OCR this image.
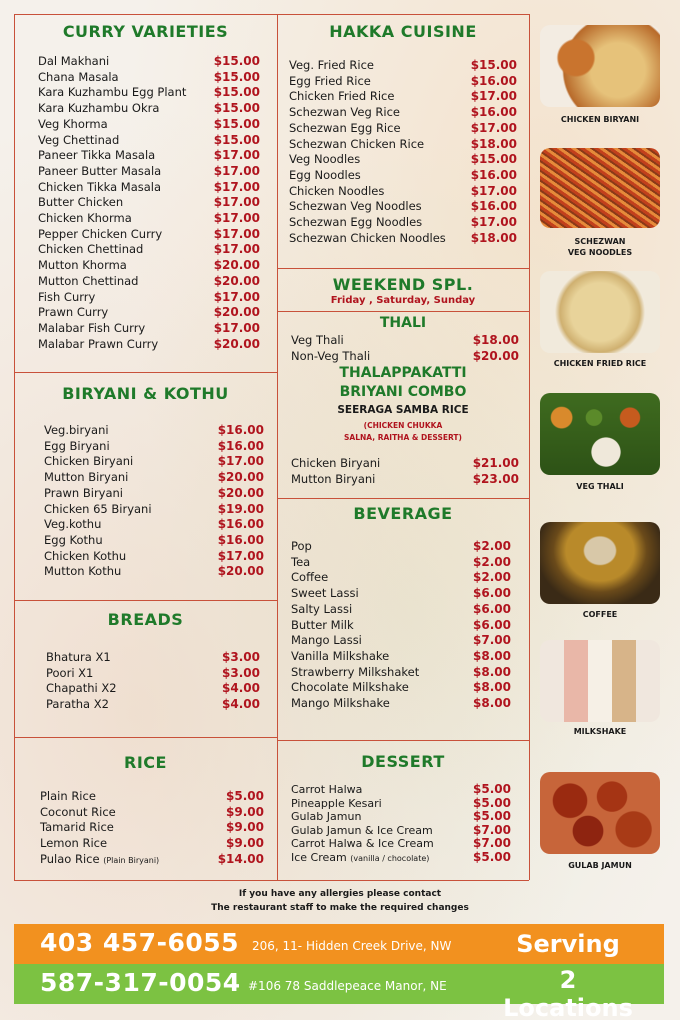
CURRY VARIETIES
Dal Makhani	$15.00
Chana Masala	$15.00
Kara Kuzhambu Egg Plant $15.00
Kara Kuzhambu Okra	$15.00
Veg Khorma	$15.00
Veg Chettinad	$15.00
Paneer Tikka Masala	$17.00
Paneer Butter Masala	$17.00
Chicken Tikka Masala	$17.00
Butter Chicken	$17.00
Chicken Khorma	$17.00
Pepper Chicken Curry	$17.00
Chicken Chettinad	$17.00
Mutton Khorma	$20.00
Mutton Chettinad	$20.00
Fish Curry	$17.00
Prawn Curry	$20.00
Malabar Fish Curry	$17.00
Malabar Prawn Curry	$20.00
BIRYANI & KOTHU
Veg.biryani	$16.00
Egg Biryani	$16.00
Chicken Biryani	$17.00
Mutton Biryani	$20.00
Prawn Biryani	$20.00
Chicken 65 Biryani	$19.00
Veg.kothu	$16.00
Egg Kothu	$16.00
Chicken Kothu	$17.00
Mutton Kothu	$20.00
BREADS
Bhatura X1	$3.00
Poori X1	$3.00
Chapathi X2	$4.00
Paratha X2	$4.00
RICE
Plain Rice	$5.00
Coconut Rice	$9.00
Tamarid Rice	$9.00
Lemon Rice	$9.00
Pulao Rice (Plain Biryani)	$14.00
HAKKA CUISINE
Veg. Fried Rice	$15.00
Egg Fried Rice	$16.00
Chicken Fried Rice	$17.00
Schezwan Veg Rice	$16.00
Schezwan Egg Rice	$17.00
Schezwan Chicken Rice	$18.00
Veg Noodles	$15.00
Egg Noodles	$16.00
Chicken Noodles	$17.00
Schezwan Veg Noodles	$16.00
Schezwan Egg Noodles	$17.00
Schezwan Chicken Noodles $18.00
WEEKEND SPL.
Friday , Saturday, Sunday
THALI
Veg Thali	$18.00
Non-Veg Thali	$20.00
THALAPPAKATTI
BRIYANI COMBO
SEERAGA SAMBA RICE
(CHICKEN CHUKKA
SALNA, RAITHA & DESSERT)
Chicken Biryani	$21.00
Mutton Biryani	$23.00
BEVERAGE
Pop	$2.00
Tea	$2.00
Coffee	$2.00
Sweet Lassi	$6.00
Salty Lassi	$6.00
Butter Milk	$6.00
Mango Lassi	$7.00
Vanilla Milkshake	$8.00
Strawberry Milkshaket	$8.00
Chocolate Milkshake	$8.00
Mango Milkshake	$8.00
DESSERT
Carrot Halwa	$5.00
Pineapple Kesari	$5.00
Gulab Jamun	$5.00
Gulab Jamun & Ice Cream	$7.00
Carrot Halwa & Ice Cream	$7.00
Ice Cream (vanilla / chocolate)	$5.00
CHICKEN BIRYANI
SCHEZWAN
VEG NOODLES
CHICKEN FRIED RICE
VEG THALI
COFFEE
MILKSHAKE
GULAB JAMUN
If you have any allergies please contact
The restaurant staff to make the required changes
403 457-6055 206, 11- Hidden Creek Drive, NW
587-317-0054 #106 78 Saddlepeace Manor, NE
Serving
2 Locations
